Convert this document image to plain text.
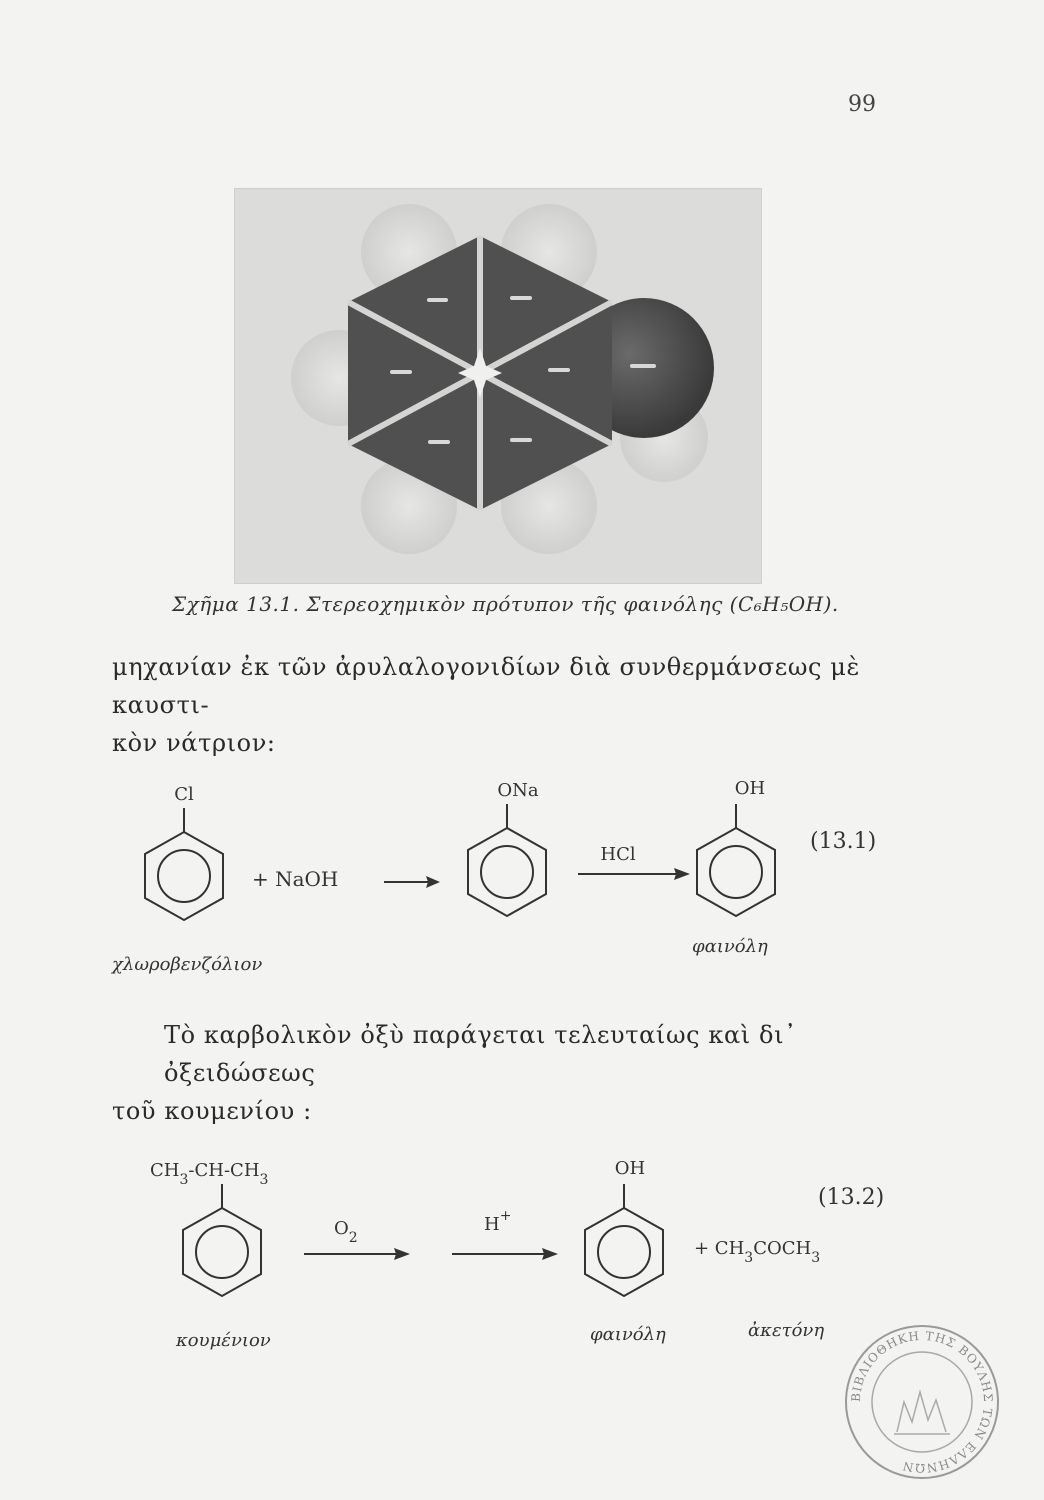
99
Σχῆμα 13.1. Στερεοχημικὸν πρότυπον τῆς φαινόλης (C₆H₅OH).
μηχανίαν ἐκ τῶν ἀρυλαλογονιδίων διὰ συνθερμάνσεως μὲ καυστι-
κὸν νάτριον:
Cl
+ NaOH
ONa
HCl
OH
(13.1)
χλωροβενζόλιον
φαινόλη
Τὸ καρβολικὸν ὀξὺ παράγεται τελευταίως καὶ δι᾽ ὀξειδώσεως
τοῦ κουμενίου :
$CH_3-CH-CH_3$
$O_2$
H+
OH
+ $CH_3COCH_3$
(13.2)
κουμένιον	φαινόλη	ἀκετόνη
ΒΙΒΛΙΟΘΗΚΗ ΤΗΣ ΒΟΥΛΗΣ ΤΩΝ ΕΛΛΗΝΩΝ
